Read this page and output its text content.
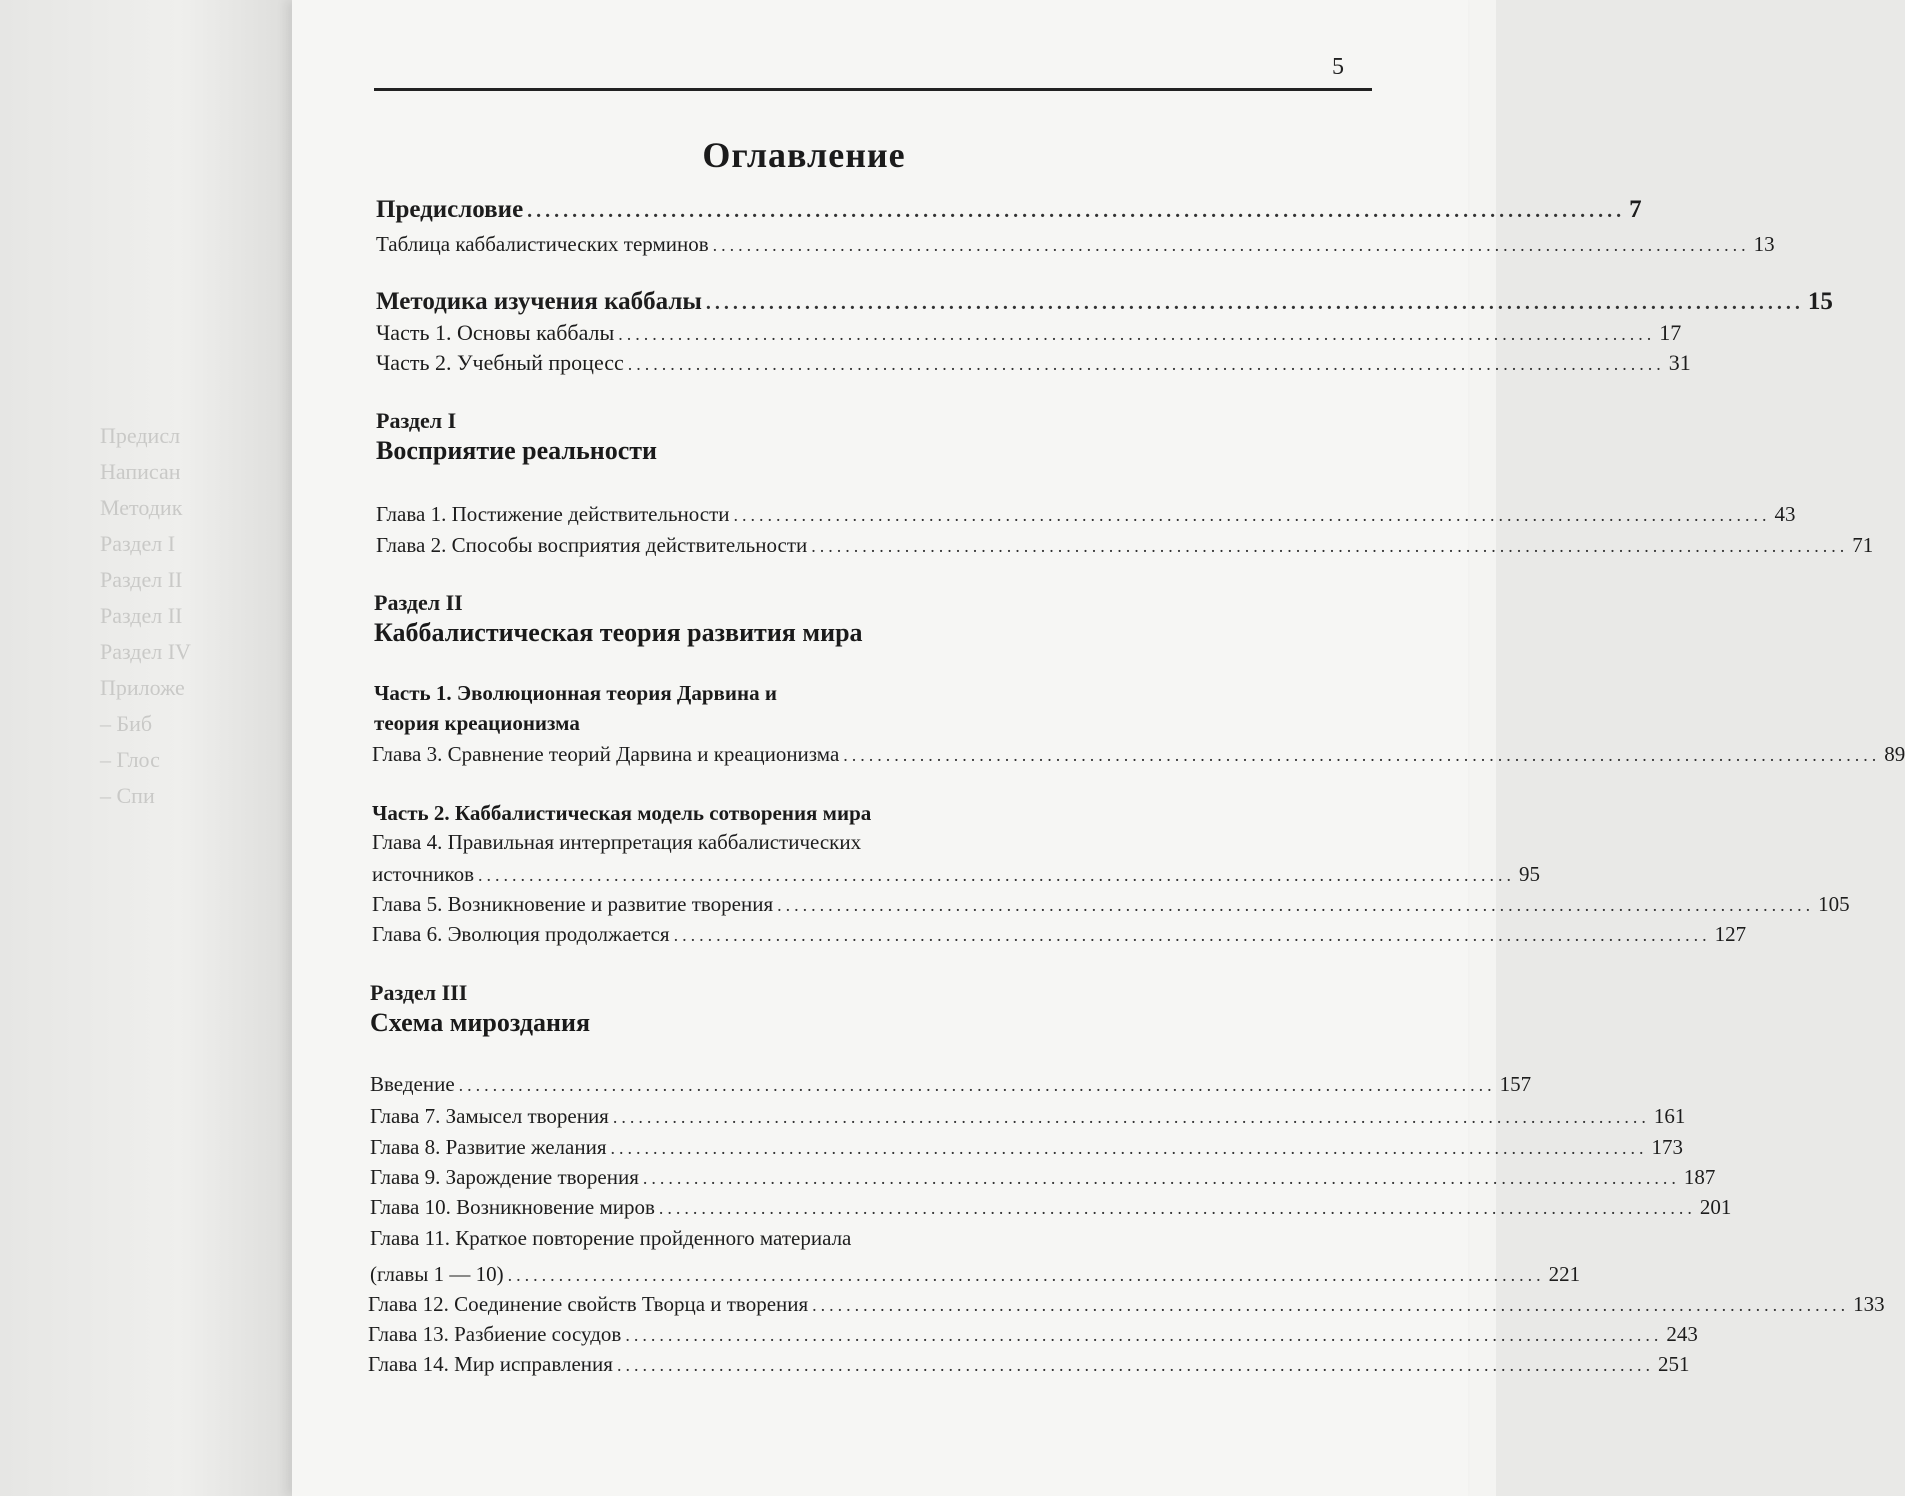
Предисл
Написан
Методик
Раздел I
Раздел II
Раздел II
Раздел IV
Приложе
– Биб
– Глос
– Спи
5
Оглавление
Предисловие .......................................................................................................................... 7
Таблица каббалистических терминов .......................................................................................................................... 13
Методика изучения каббалы .......................................................................................................................... 15
Часть 1. Основы каббалы .......................................................................................................................... 17
Часть 2. Учебный процесс .......................................................................................................................... 31
Раздел I
Восприятие реальности
Глава 1. Постижение действительности .......................................................................................................................... 43
Глава 2. Способы восприятия действительности .......................................................................................................................... 71
Раздел II
Каббалистическая теория развития мира
Часть 1. Эволюционная теория Дарвина и
теория креационизма
Глава 3. Сравнение теорий Дарвина и креационизма .......................................................................................................................... 89
Часть 2. Каббалистическая модель сотворения мира
Глава 4. Правильная интерпретация каббалистических
источников .......................................................................................................................... 95
Глава 5. Возникновение и развитие творения .......................................................................................................................... 105
Глава 6. Эволюция продолжается .......................................................................................................................... 127
Раздел III
Схема мироздания
Введение .......................................................................................................................... 157
Глава 7. Замысел творения .......................................................................................................................... 161
Глава 8. Развитие желания .......................................................................................................................... 173
Глава 9. Зарождение творения .......................................................................................................................... 187
Глава 10. Возникновение миров .......................................................................................................................... 201
Глава 11. Краткое повторение пройденного материала
(главы 1 — 10) .......................................................................................................................... 221
Глава 12. Соединение свойств Творца и творения .......................................................................................................................... 133
Глава 13. Разбиение сосудов .......................................................................................................................... 243
Глава 14. Мир исправления .......................................................................................................................... 251
